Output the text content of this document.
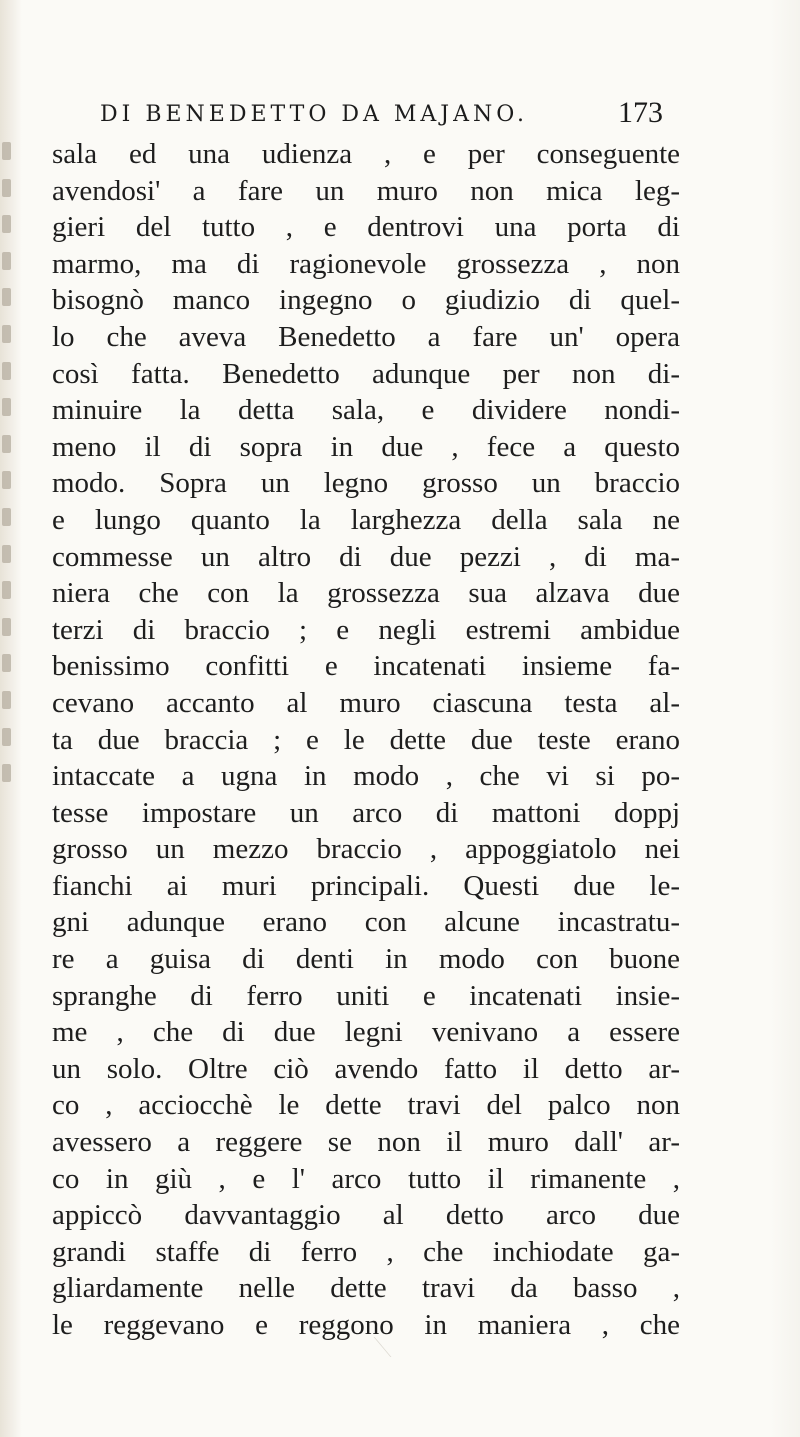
DI BENEDETTO DA MAJANO.	173
sala ed una udienza , e per conseguente
avendosi' a fare un muro non mica leg-
gieri del tutto , e dentrovi una porta di
marmo, ma di ragionevole grossezza , non
bisognò manco ingegno o giudizio di quel-
lo che aveva Benedetto a fare un' opera
così fatta. Benedetto adunque per non di-
minuire la detta sala, e dividere nondi-
meno il di sopra in due , fece a questo
modo. Sopra un legno grosso un braccio
e lungo quanto la larghezza della sala ne
commesse un altro di due pezzi , di ma-
niera che con la grossezza sua alzava due
terzi di braccio ; e negli estremi ambidue
benissimo confitti e incatenati insieme fa-
cevano accanto al muro ciascuna testa al-
ta due braccia ; e le dette due teste erano
intaccate a ugna in modo , che vi si po-
tesse impostare un arco di mattoni doppj
grosso un mezzo braccio , appoggiatolo nei
fianchi ai muri principali. Questi due le-
gni adunque erano con alcune incastratu-
re a guisa di denti in modo con buone
spranghe di ferro uniti e incatenati insie-
me , che di due legni venivano a essere
un solo. Oltre ciò avendo fatto il detto ar-
co , acciocchè le dette travi del palco non
avessero a reggere se non il muro dall' ar-
co in giù , e l' arco tutto il rimanente ,
appiccò davvantaggio al detto arco due
grandi staffe di ferro , che inchiodate ga-
gliardamente nelle dette travi da basso ,
le reggevano e reggono in maniera , che
